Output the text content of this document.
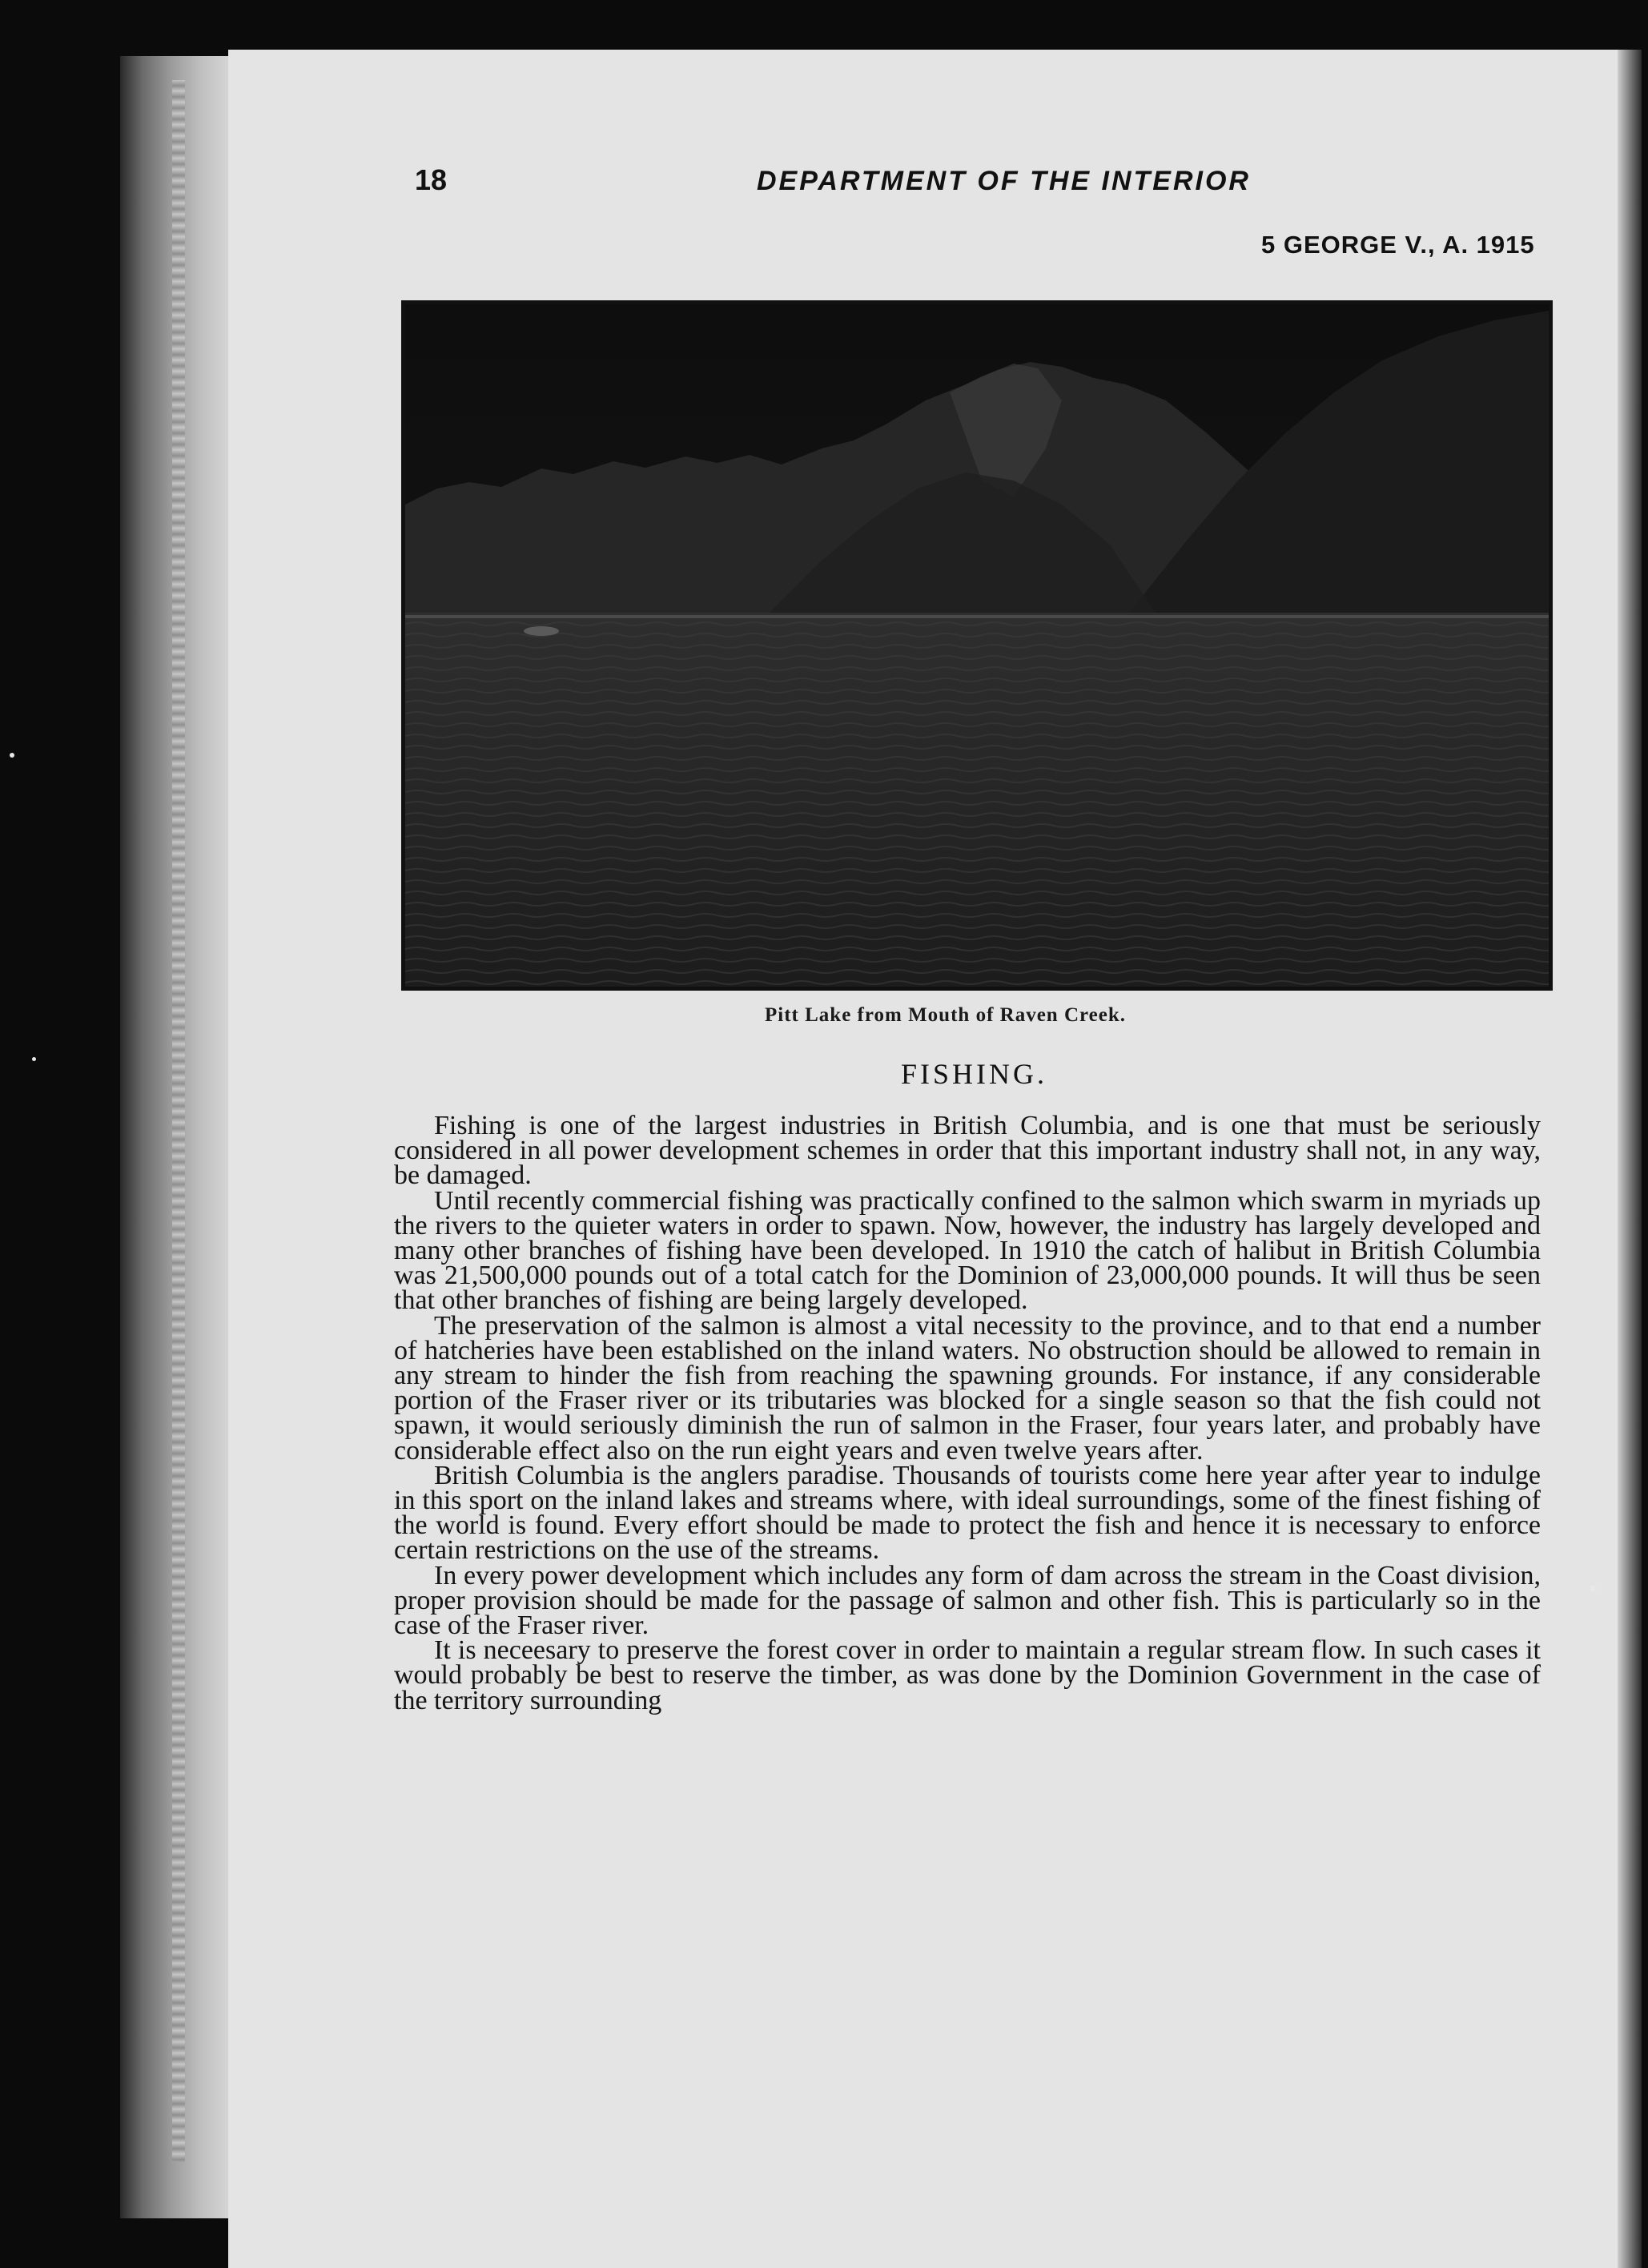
18	DEPARTMENT OF THE INTERIOR
5 GEORGE V., A. 1915
Pitt Lake from Mouth of Raven Creek.
FISHING.

Fishing is one of the largest industries in British Columbia, and is one that must be seriously considered in all power development schemes in order that this important industry shall not, in any way, be damaged.

Until recently commercial fishing was practically confined to the salmon which swarm in myriads up the rivers to the quieter waters in order to spawn. Now, however, the industry has largely developed and many other branches of fishing have been developed. In 1910 the catch of halibut in British Columbia was 21,500,000 pounds out of a total catch for the Dominion of 23,000,000 pounds. It will thus be seen that other branches of fishing are being largely developed.

The preservation of the salmon is almost a vital necessity to the province, and to that end a number of hatcheries have been established on the inland waters. No obstruction should be allowed to remain in any stream to hinder the fish from reaching the spawning grounds. For instance, if any considerable portion of the Fraser river or its tributaries was blocked for a single season so that the fish could not spawn, it would seriously diminish the run of salmon in the Fraser, four years later, and probably have considerable effect also on the run eight years and even twelve years after.

British Columbia is the anglers paradise. Thousands of tourists come here year after year to indulge in this sport on the inland lakes and streams where, with ideal surroundings, some of the finest fishing of the world is found. Every effort should be made to protect the fish and hence it is necessary to enforce certain restrictions on the use of the streams.

In every power development which includes any form of dam across the stream in the Coast division, proper provision should be made for the passage of salmon and other fish. This is particularly so in the case of the Fraser river.

It is neceesary to preserve the forest cover in order to maintain a regular stream flow. In such cases it would probably be best to reserve the timber, as was done by the Dominion Government in the case of the territory surrounding
